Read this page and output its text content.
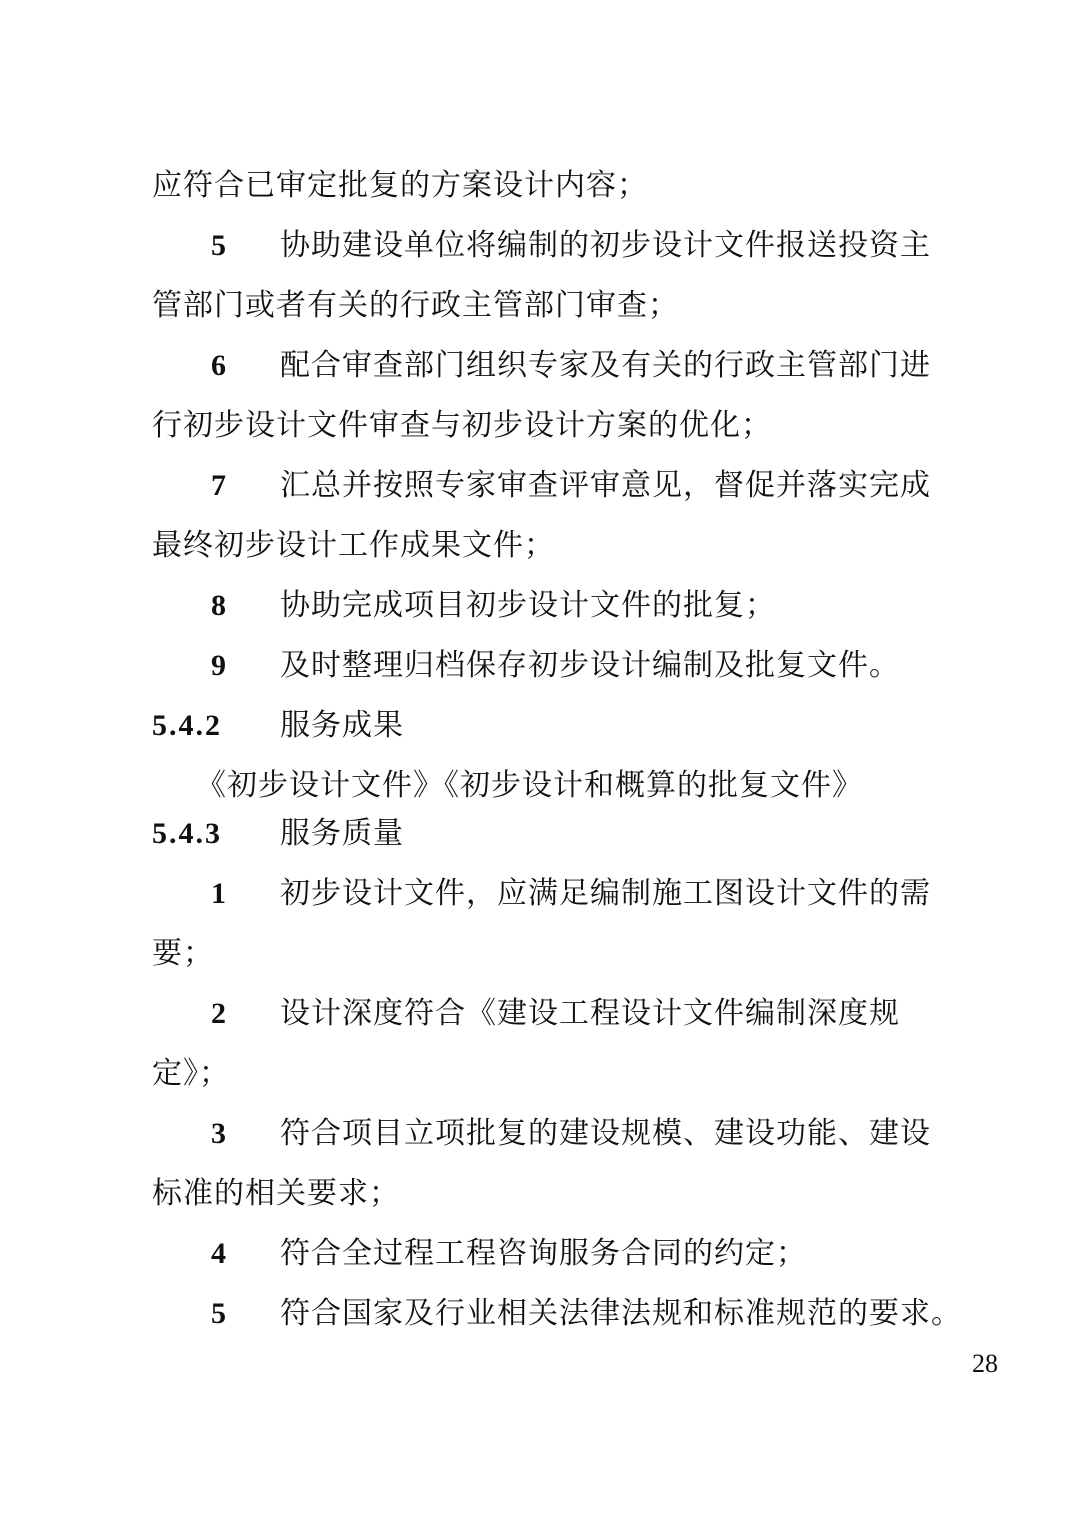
应符合已审定批复的方案设计内容；
5 协助建设单位将编制的初步设计文件报送投资主
管部门或者有关的行政主管部门审查；
6 配合审查部门组织专家及有关的行政主管部门进
行初步设计文件审查与初步设计方案的优化；
7 汇总并按照专家审查评审意见，督促并落实完成
最终初步设计工作成果文件；
8 协助完成项目初步设计文件的批复；
9 及时整理归档保存初步设计编制及批复文件。
5.4.2 服务成果
《初步设计文件》《初步设计和概算的批复文件》
5.4.3 服务质量
1 初步设计文件，应满足编制施工图设计文件的需
要；
2 设计深度符合《建设工程设计文件编制深度规
定》；
3 符合项目立项批复的建设规模、建设功能、建设
标准的相关要求；
4 符合全过程工程咨询服务合同的约定；
5 符合国家及行业相关法律法规和标准规范的要求。
28
